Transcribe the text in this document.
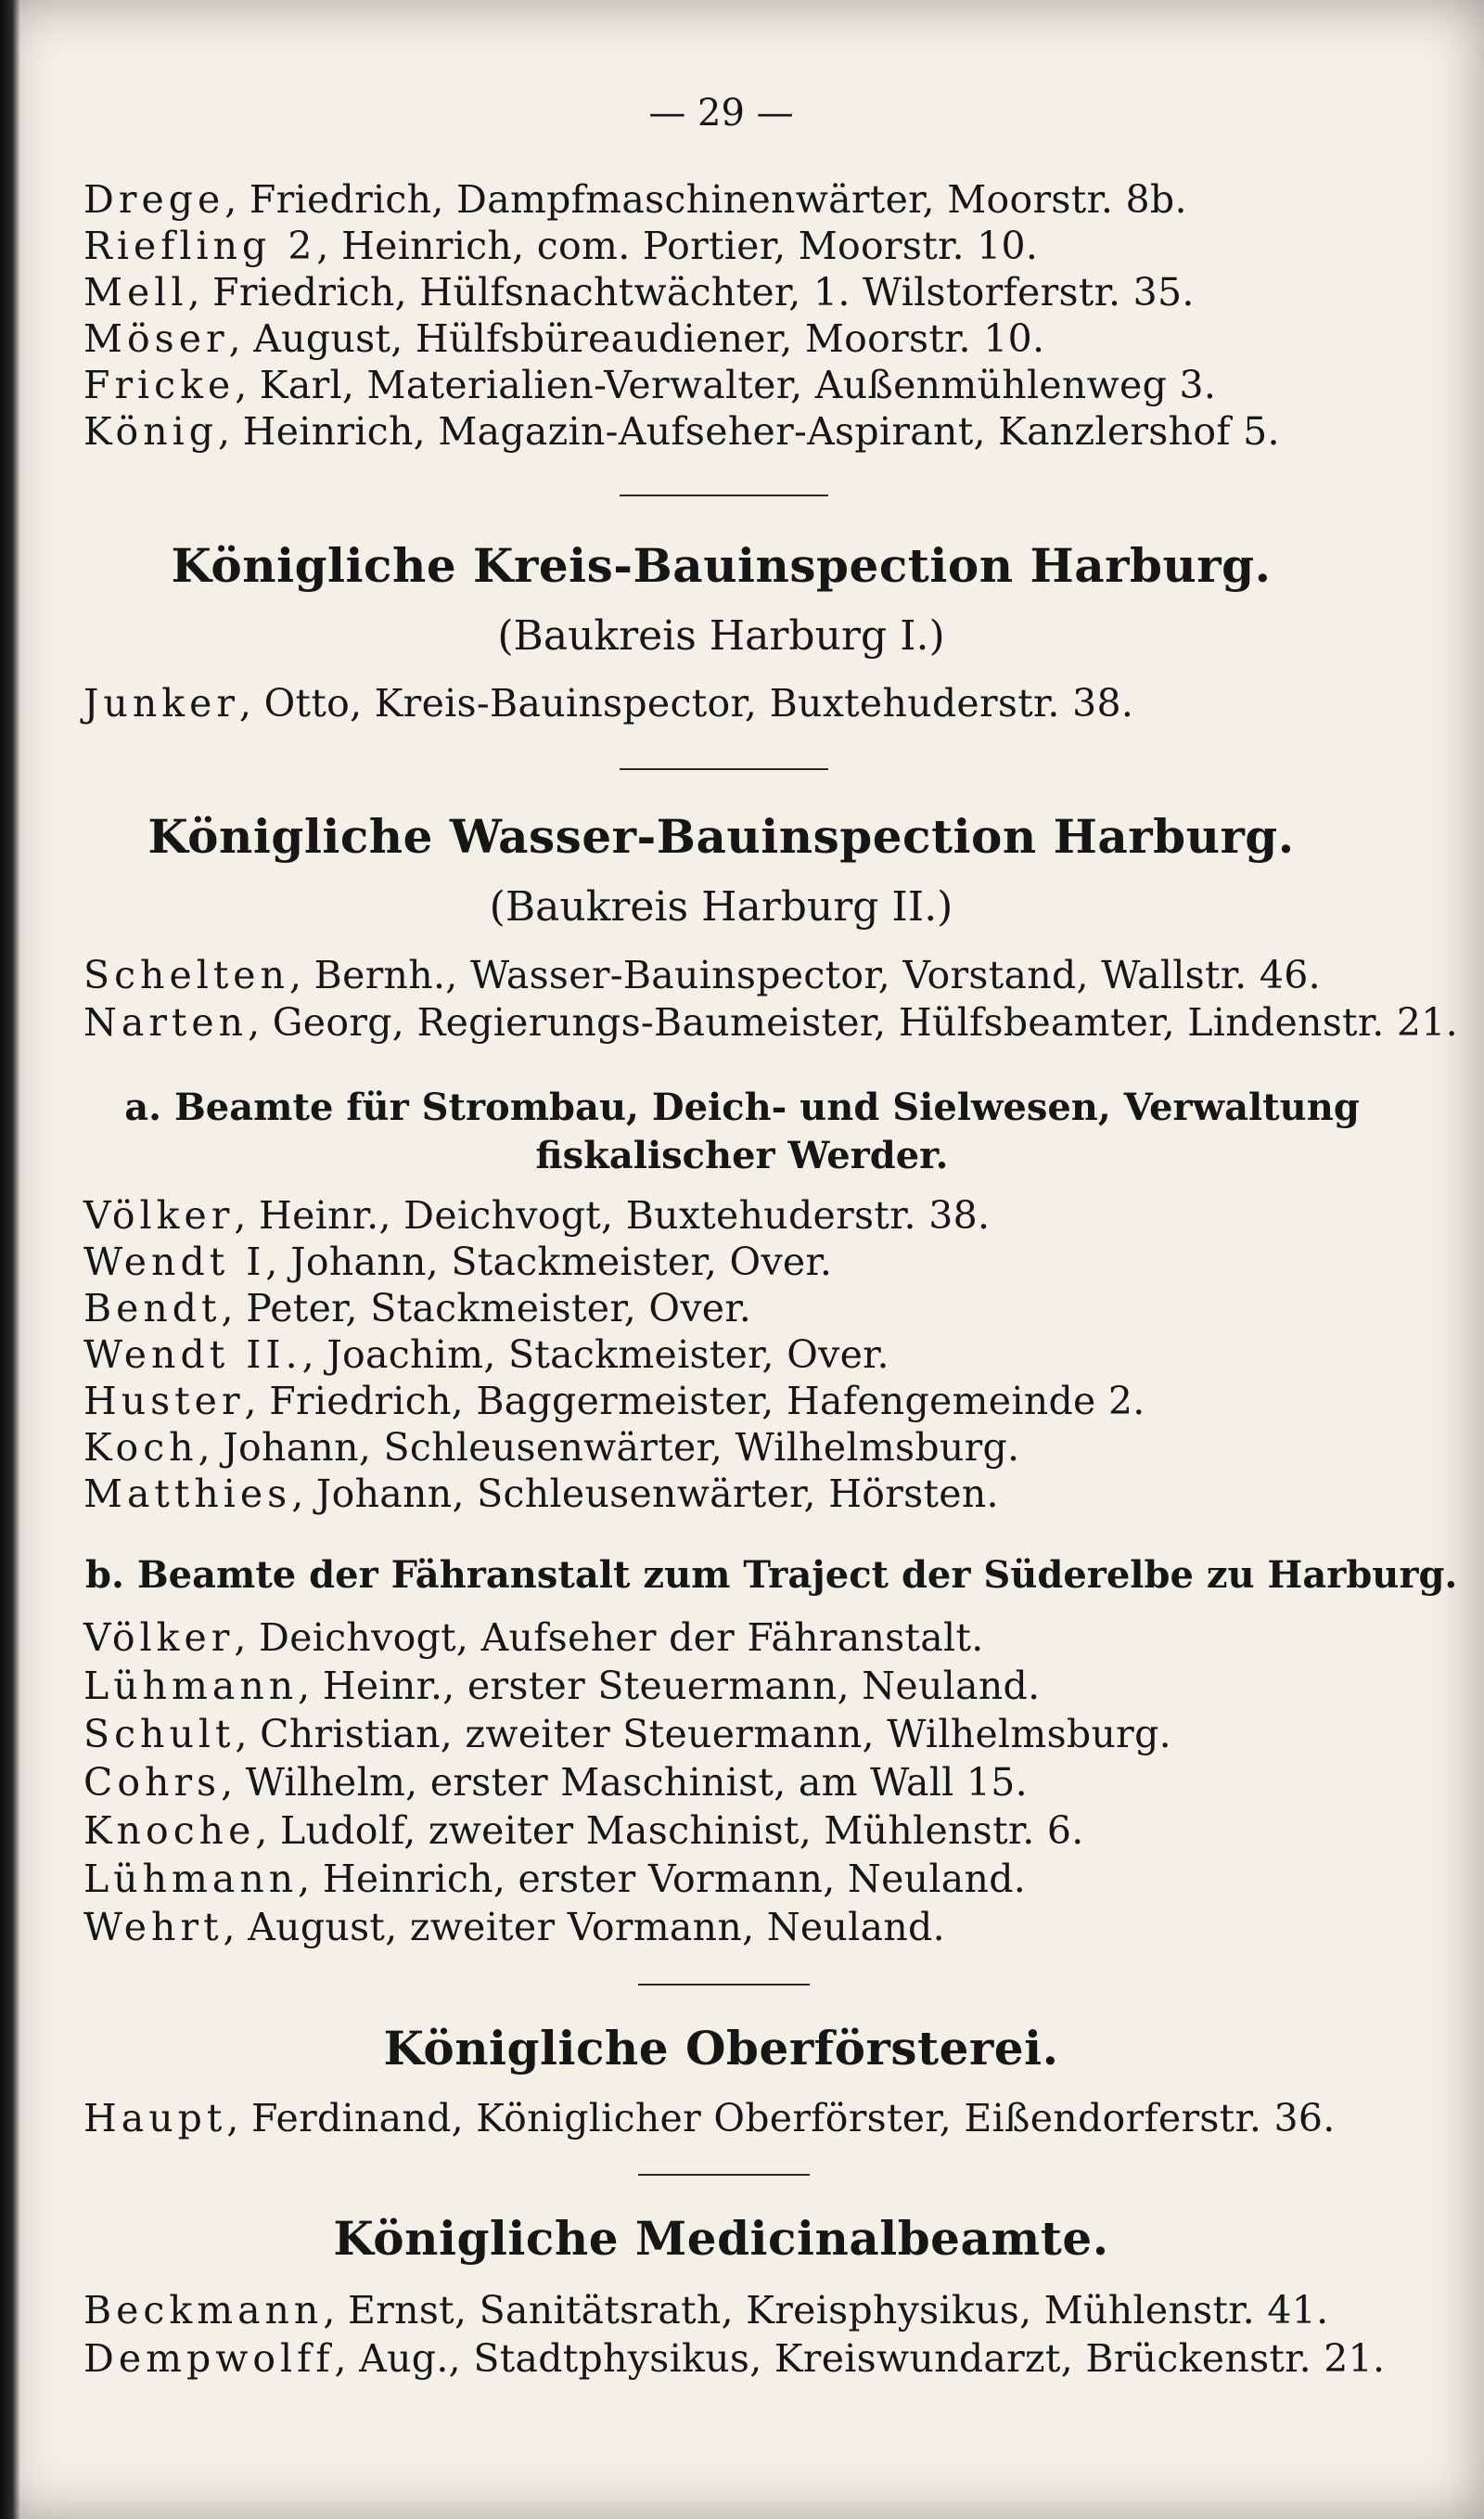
— 29 —
Drege, Friedrich, Dampfmaschinenwärter, Moorstr. 8b.
Riefling 2, Heinrich, com. Portier, Moorstr. 10.
Mell, Friedrich, Hülfsnachtwächter, 1. Wilstorferstr. 35.
Möser, August, Hülfsbüreaudiener, Moorstr. 10.
Fricke, Karl, Materialien-Verwalter, Außenmühlenweg 3.
König, Heinrich, Magazin-Aufseher-Aspirant, Kanzlershof 5.
Königliche Kreis-Bauinspection Harburg.
(Baukreis Harburg I.)
Junker, Otto, Kreis-Bauinspector, Buxtehuderstr. 38.
Königliche Wasser-Bauinspection Harburg.
(Baukreis Harburg II.)
Schelten, Bernh., Wasser-Bauinspector, Vorstand, Wallstr. 46.
Narten, Georg, Regierungs-Baumeister, Hülfsbeamter, Lindenstr. 21.
a. Beamte für Strombau, Deich- und Sielwesen, Verwaltung
fiskalischer Werder.
Völker, Heinr., Deichvogt, Buxtehuderstr. 38.
Wendt I, Johann, Stackmeister, Over.
Bendt, Peter, Stackmeister, Over.
Wendt II., Joachim, Stackmeister, Over.
Huster, Friedrich, Baggermeister, Hafengemeinde 2.
Koch, Johann, Schleusenwärter, Wilhelmsburg.
Matthies, Johann, Schleusenwärter, Hörsten.
b. Beamte der Fähranstalt zum Traject der Süderelbe zu Harburg.
Völker, Deichvogt, Aufseher der Fähranstalt.
Lühmann, Heinr., erster Steuermann, Neuland.
Schult, Christian, zweiter Steuermann, Wilhelmsburg.
Cohrs, Wilhelm, erster Maschinist, am Wall 15.
Knoche, Ludolf, zweiter Maschinist, Mühlenstr. 6.
Lühmann, Heinrich, erster Vormann, Neuland.
Wehrt, August, zweiter Vormann, Neuland.
Königliche Oberförsterei.
Haupt, Ferdinand, Königlicher Oberförster, Eißendorferstr. 36.
Königliche Medicinalbeamte.
Beckmann, Ernst, Sanitätsrath, Kreisphysikus, Mühlenstr. 41.
Dempwolff, Aug., Stadtphysikus, Kreiswundarzt, Brückenstr. 21.
